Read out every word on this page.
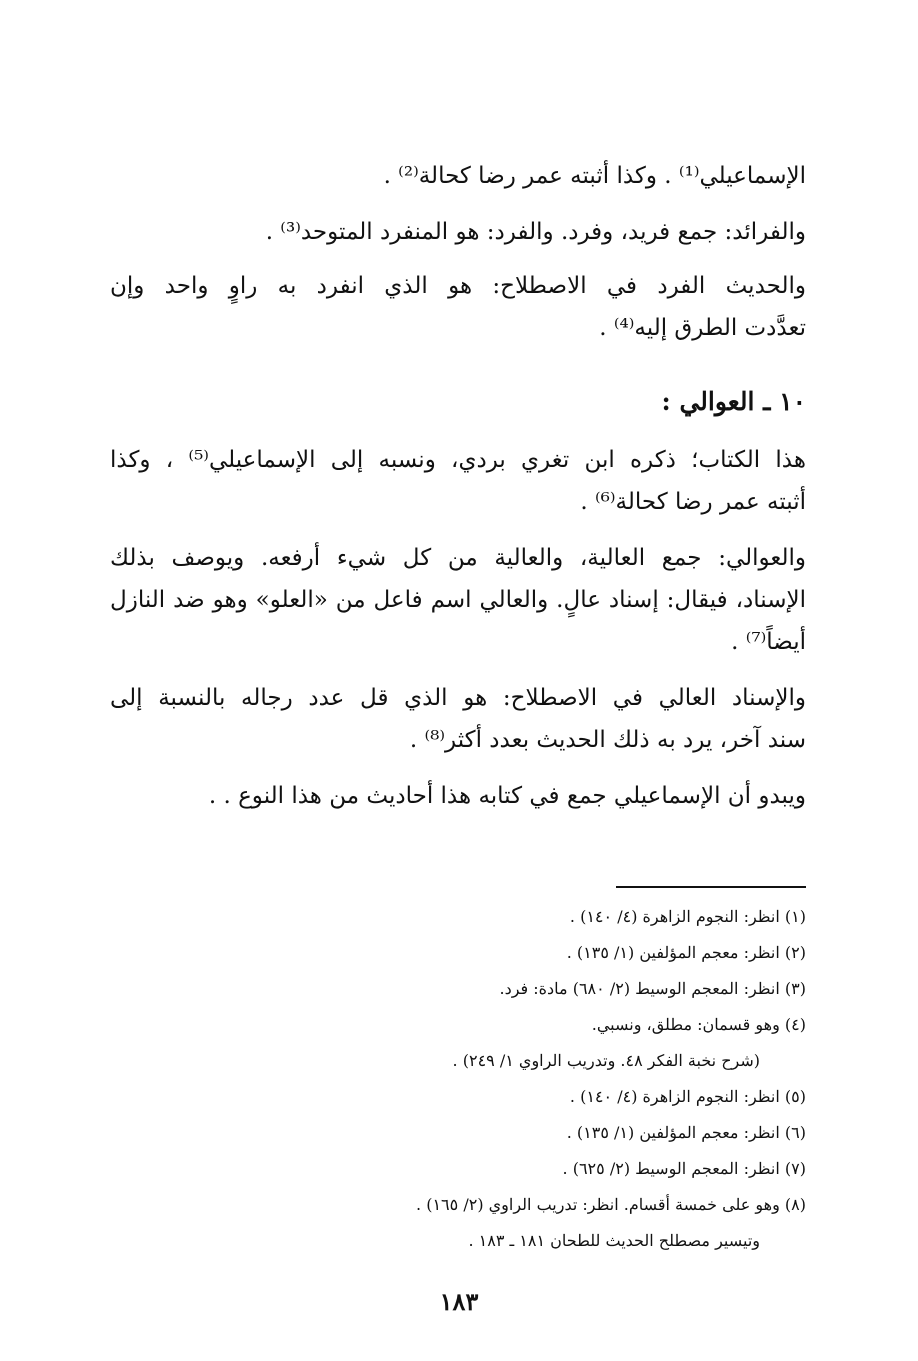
الإسماعيلي⁽¹⁾ . وكذا أثبته عمر رضا كحالة⁽²⁾ .

والفرائد: جمع فريد، وفرد. والفرد: هو المنفرد المتوحد⁽³⁾ .

والحديث الفرد في الاصطلاح: هو الذي انفرد به راوٍ واحد وإن

تعدَّدت الطرق إليه⁽⁴⁾ .

١٠ ـ العوالي :

هذا الكتاب؛ ذكره ابن تغري بردي، ونسبه إلى الإسماعيلي⁽⁵⁾ ، وكذا

أثبته عمر رضا كحالة⁽⁶⁾ .

والعوالي: جمع العالية، والعالية من كل شيء أرفعه. ويوصف بذلك

الإسناد، فيقال: إسناد عالٍ. والعالي اسم فاعل من «العلو» وهو ضد النازل

أيضاً⁽⁷⁾ .

والإسناد العالي في الاصطلاح: هو الذي قل عدد رجاله بالنسبة إلى

سند آخر، يرد به ذلك الحديث بعدد أكثر⁽⁸⁾ .

ويبدو أن الإسماعيلي جمع في كتابه هذا أحاديث من هذا النوع . .

(١) انظر: النجوم الزاهرة (٤/ ١٤٠) .

(٢) انظر: معجم المؤلفين (١/ ١٣٥) .

(٣) انظر: المعجم الوسيط (٢/ ٦٨٠) مادة: فرد.

(٤) وهو قسمان: مطلق، ونسبي.

(شرح نخبة الفكر ٤٨. وتدريب الراوي ١/ ٢٤٩) .

(٥) انظر: النجوم الزاهرة (٤/ ١٤٠) .

(٦) انظر: معجم المؤلفين (١/ ١٣٥) .

(٧) انظر: المعجم الوسيط (٢/ ٦٢٥) .

(٨) وهو على خمسة أقسام. انظر: تدريب الراوي (٢/ ١٦٥) .

وتيسير مصطلح الحديث للطحان ١٨١ ـ ١٨٣ .

١٨٣
